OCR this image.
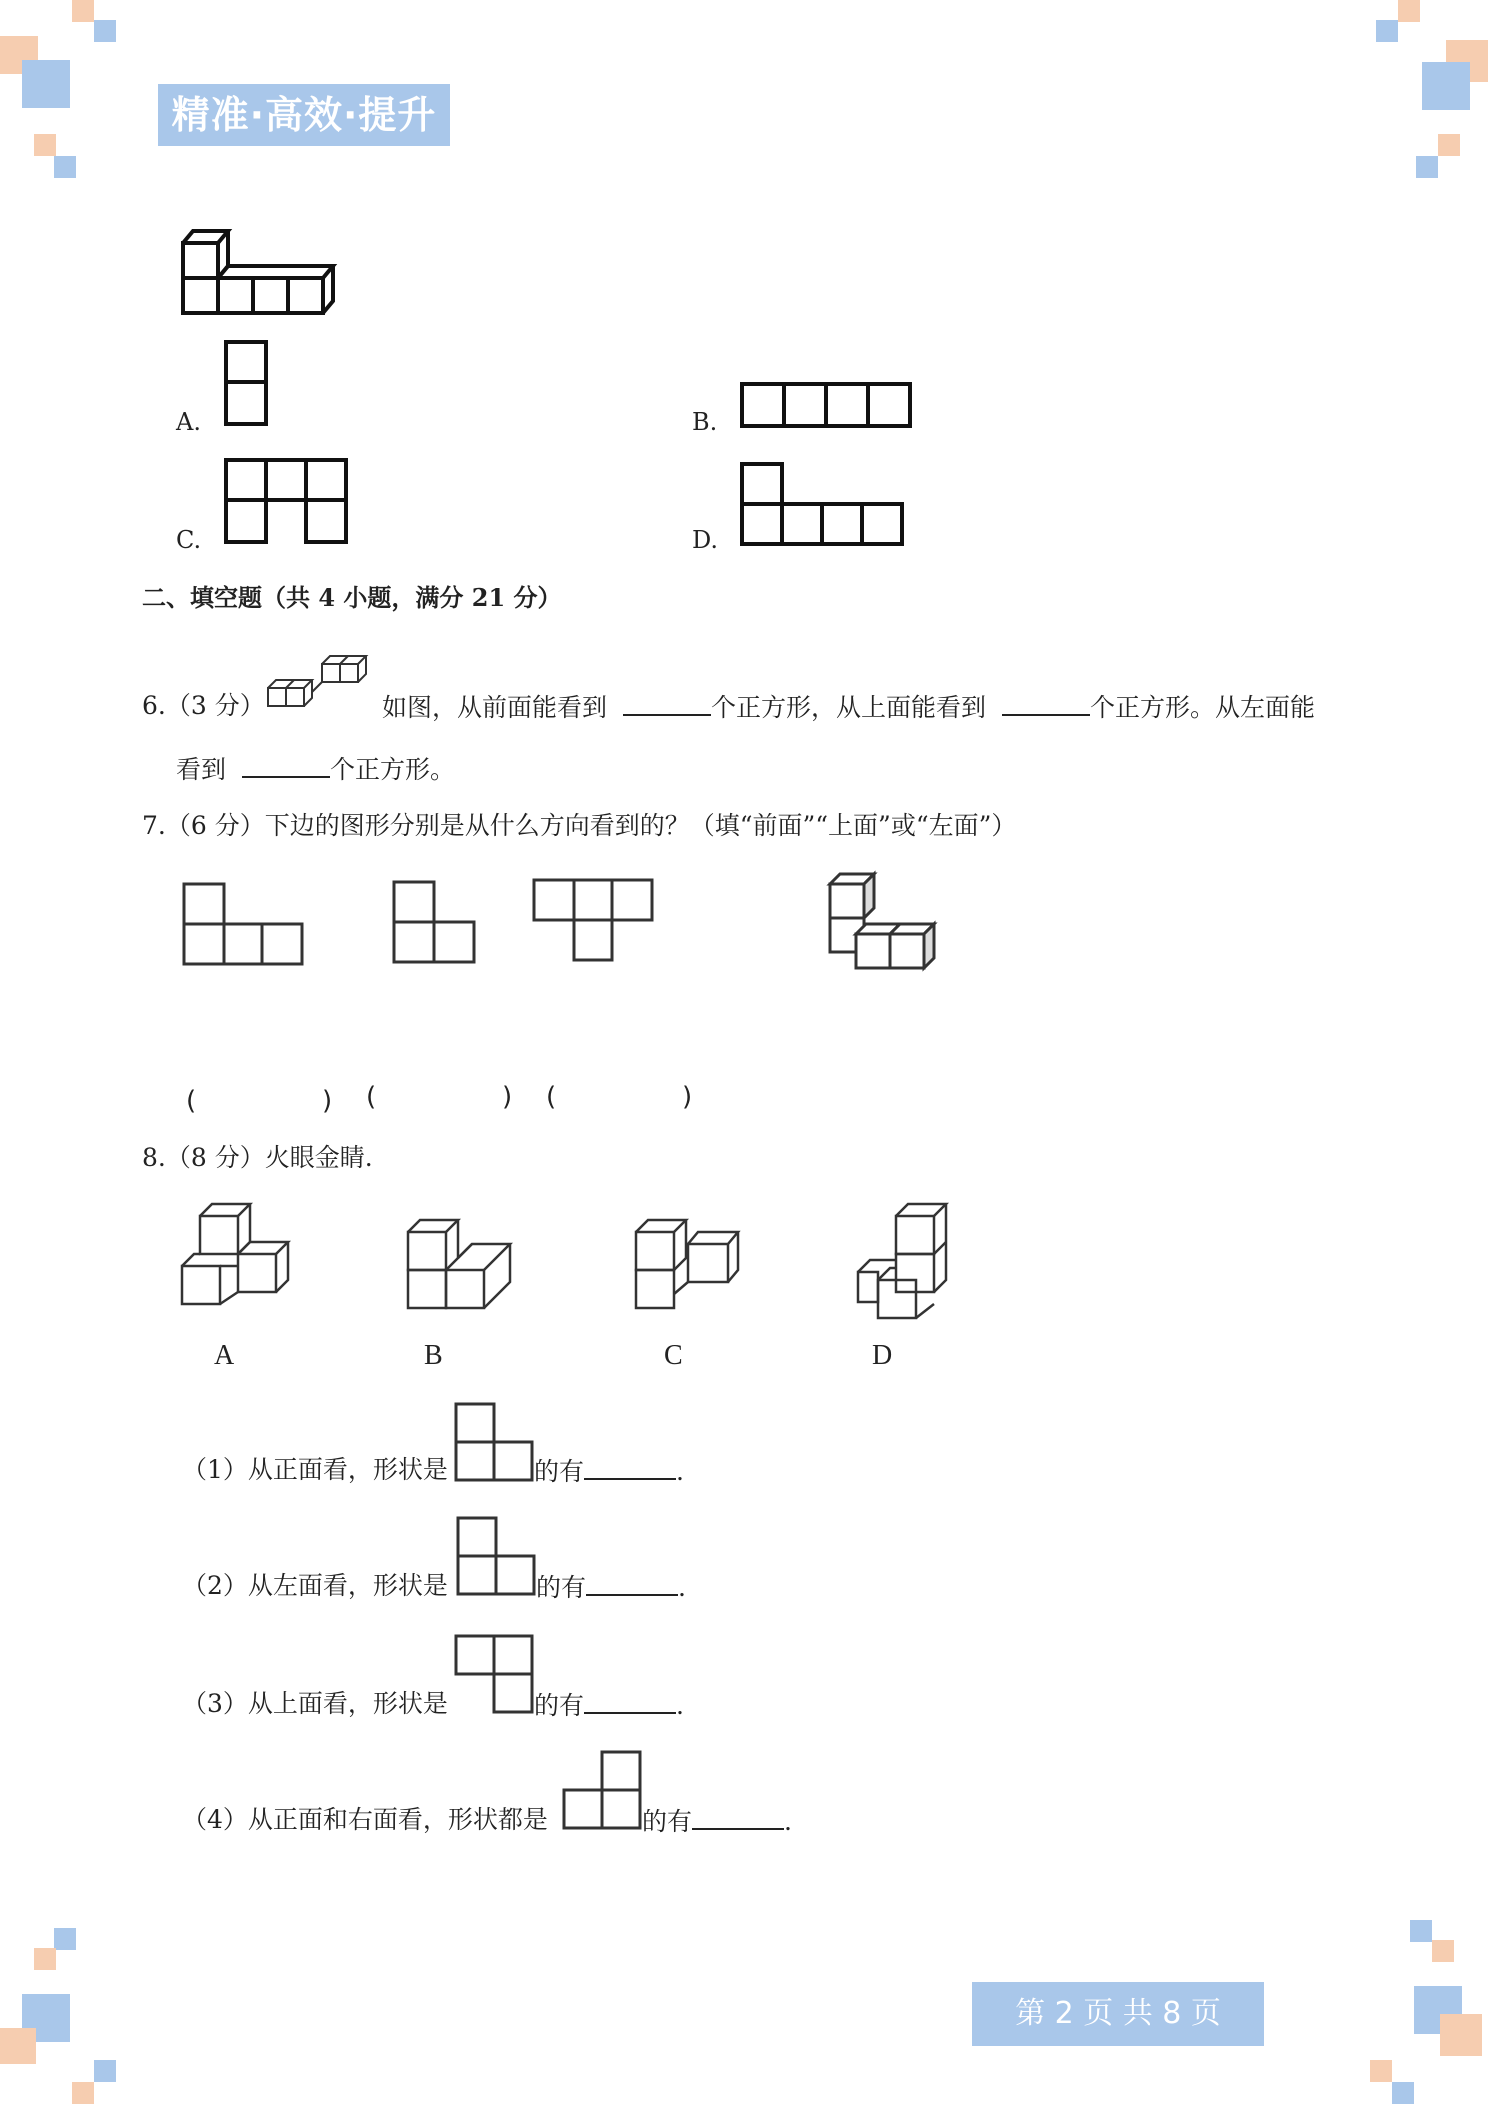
精准·高效·提升
A.	B.
C.	D.
二、填空题（共 4 小题，满分 21 分）
6.（3 分）	如图，从前面能看到	个正方形，从上面能看到	个正方形。从左面能
看到	个正方形。
7.（6 分）下边的图形分别是从什么方向看到的？（填“前面”“上面”或“左面”）
(	) (	) (	)
8.（8 分）火眼金睛.
A	B	C	D
（1）从正面看，形状是	的有	.
（2）从左面看，形状是	的有	.
（3）从上面看，形状是	的有	.
（4）从正面和右面看，形状都是	的有	.
第 2 页 共 8 页
